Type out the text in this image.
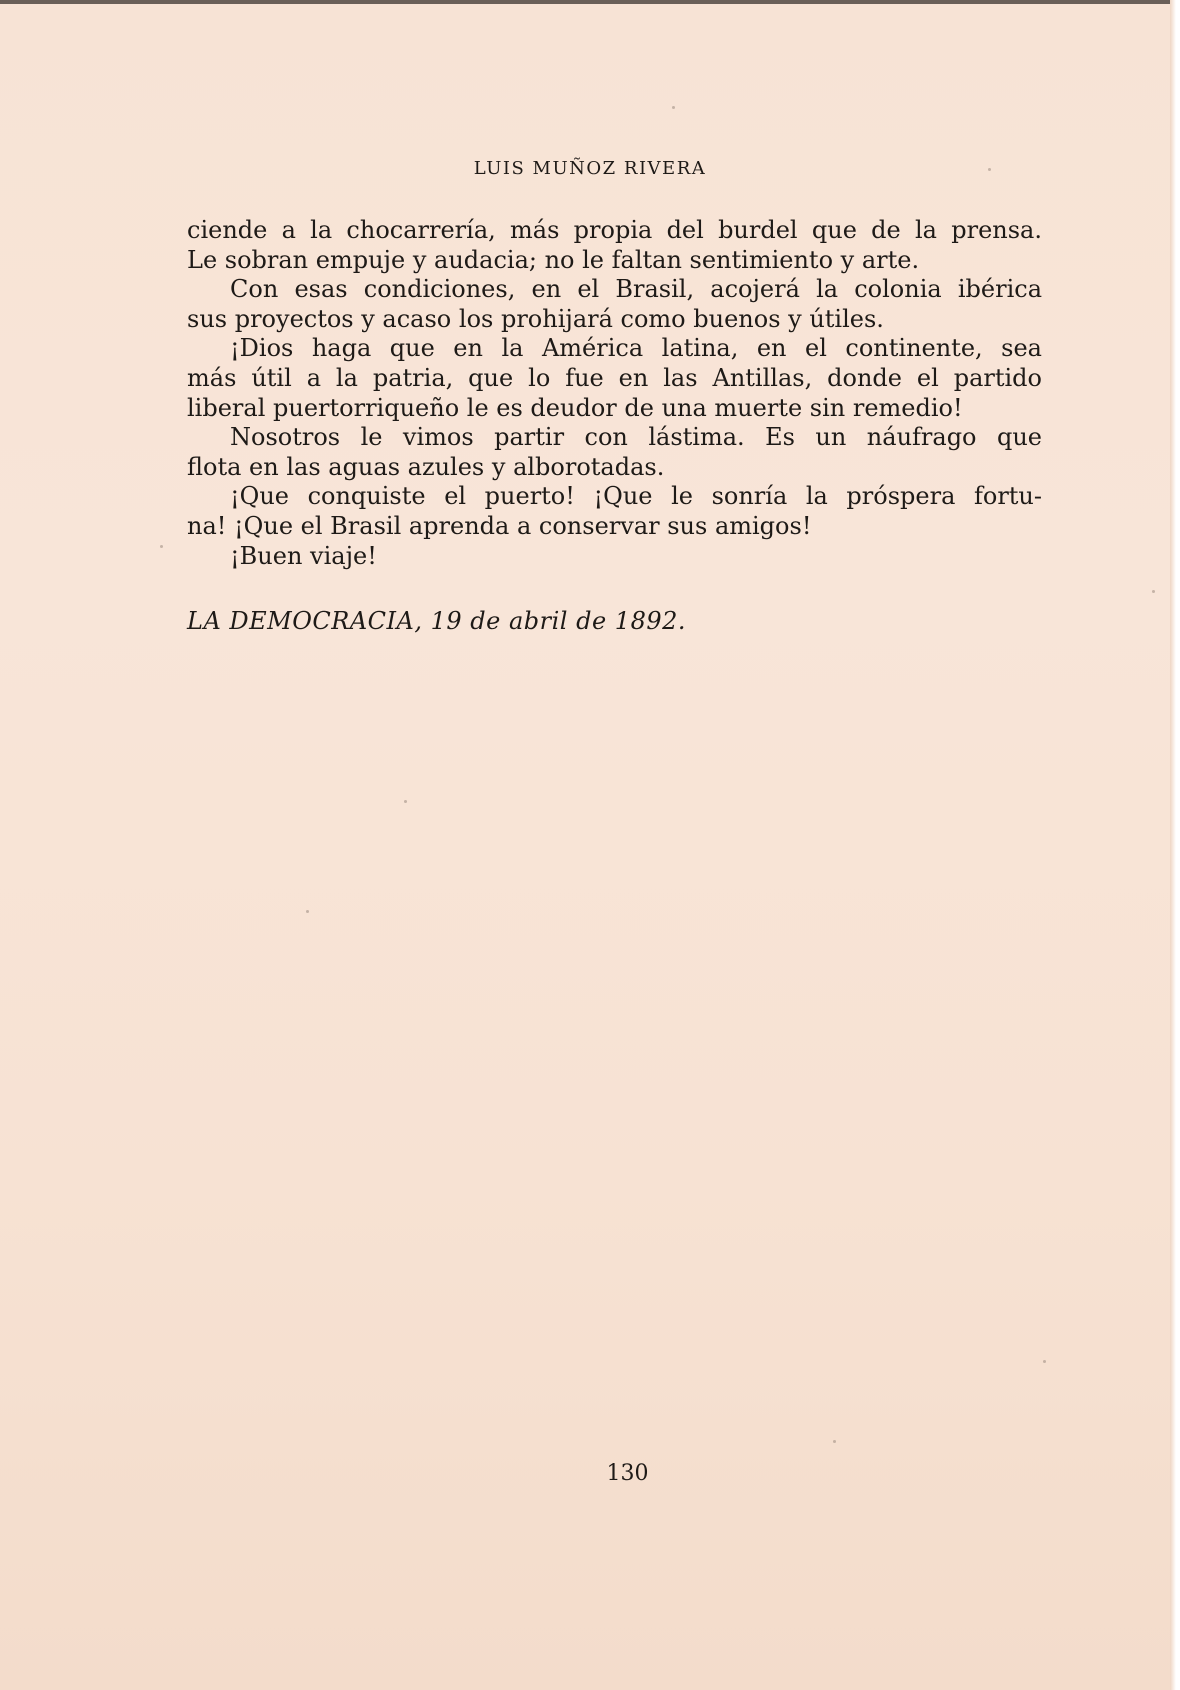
LUIS MUÑOZ RIVERA

ciende a la chocarrería, más propia del burdel que de la prensa.

Le sobran empuje y audacia; no le faltan sentimiento y arte.

Con esas condiciones, en el Brasil, acojerá la colonia ibérica

sus proyectos y acaso los prohijará como buenos y útiles.

¡Dios haga que en la América latina, en el continente, sea

más útil a la patria, que lo fue en las Antillas, donde el partido

liberal puertorriqueño le es deudor de una muerte sin remedio!

Nosotros le vimos partir con lástima. Es un náufrago que

flota en las aguas azules y alborotadas.

¡Que conquiste el puerto! ¡Que le sonría la próspera fortu-

na! ¡Que el Brasil aprenda a conservar sus amigos!

¡Buen viaje!

LA DEMOCRACIA, 19 de abril de 1892.
130
